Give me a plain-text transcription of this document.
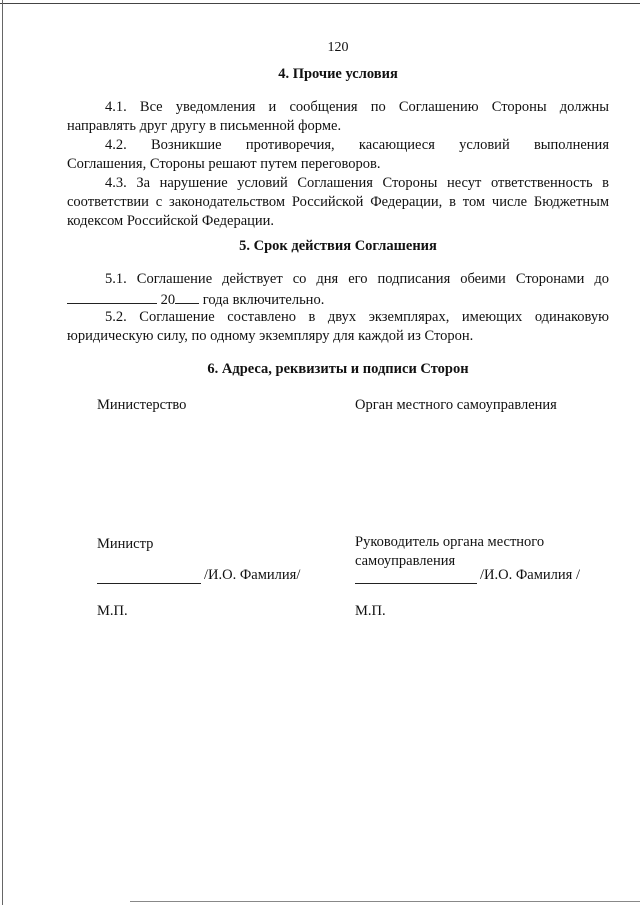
120
4. Прочие условия
4.1. Все уведомления и сообщения по Соглашению Стороны должны
направлять друг другу в письменной форме.
4.2. Возникшие противоречия, касающиеся условий выполнения
Соглашения, Стороны решают путем переговоров.
4.3. За нарушение условий Соглашения Стороны несут ответственность в
соответствии с законодательством Российской Федерации, в том числе Бюджетным
кодексом Российской Федерации.
5. Срок действия Соглашения
5.1. Соглашение действует со дня его подписания обеими Сторонами до
20 года включительно.
5.2. Соглашение составлено в двух экземплярах, имеющих одинаковую
юридическую силу, по одному экземпляру для каждой из Сторон.
6. Адреса, реквизиты и подписи Сторон
Министерство
Министр
/И.О. Фамилия/
М.П.
Орган местного самоуправления
Руководитель органа местного
самоуправления
/И.О. Фамилия /
М.П.
